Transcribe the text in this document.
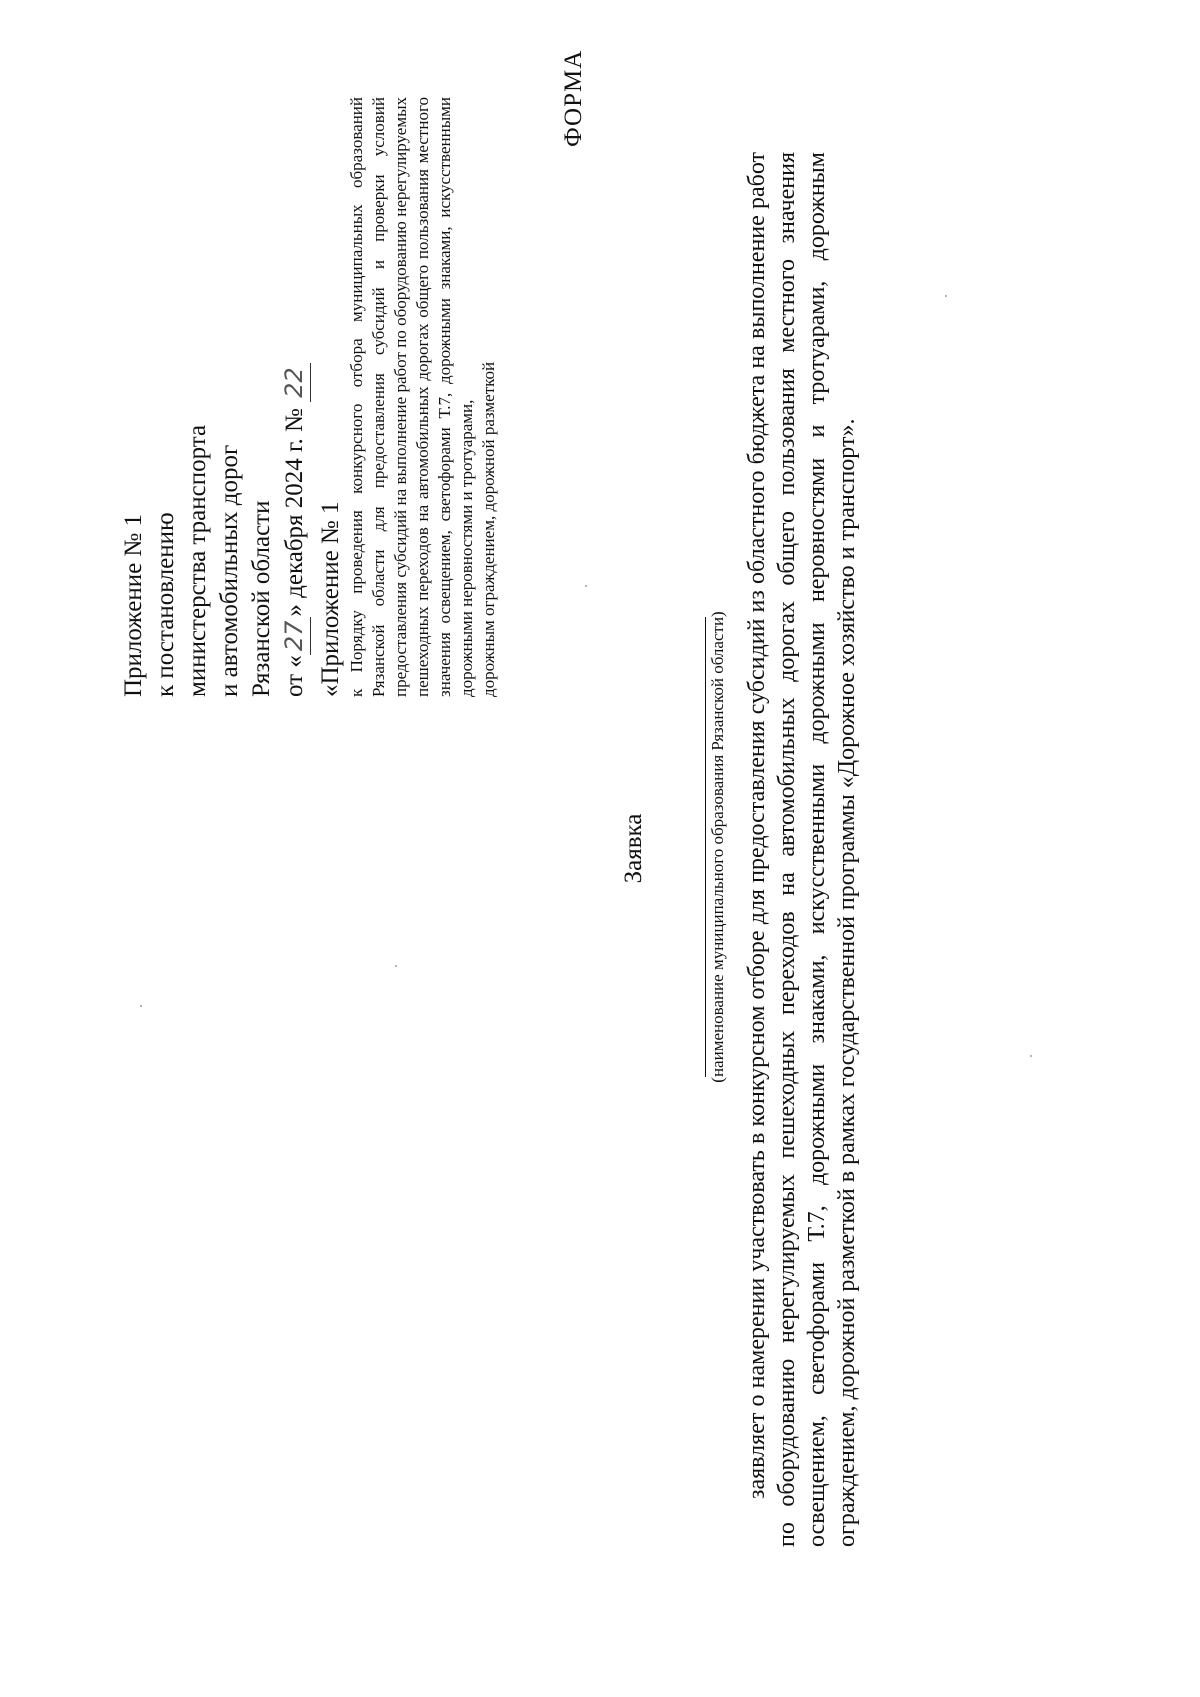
Приложение № 1 к постановлению министерства транспорта и автомобильных дорог Рязанской области от «27» декабря 2024 г. № 22
«Приложение № 1 к Порядку проведения конкурсного отбора муниципальных образований Рязанской области для предоставления субсидий и проверки условий предоставления субсидий на выполнение работ по оборудованию нерегулируемых пешеходных переходов на автомобильных дорогах общего пользования местного значения освещением, светофорами Т.7, дорожными знаками, искусственными дорожными неровностями и тротуарами, дорожным ограждением, дорожной разметкой
ФОРМА
Заявка	(наименование муниципального образования Рязанской области) заявляет о намерении участвовать в конкурсном отборе для предоставления субсидий из областного бюджета на выполнение работ по оборудованию нерегулируемых пешеходных переходов на автомобильных дорогах общего пользования местного значения освещением, светофорами Т.7, дорожными знаками, искусственными дорожными неровностями и тротуарами, дорожным ограждением, дорожной разметкой в рамках государственной программы «Дорожное хозяйство и транспорт».
